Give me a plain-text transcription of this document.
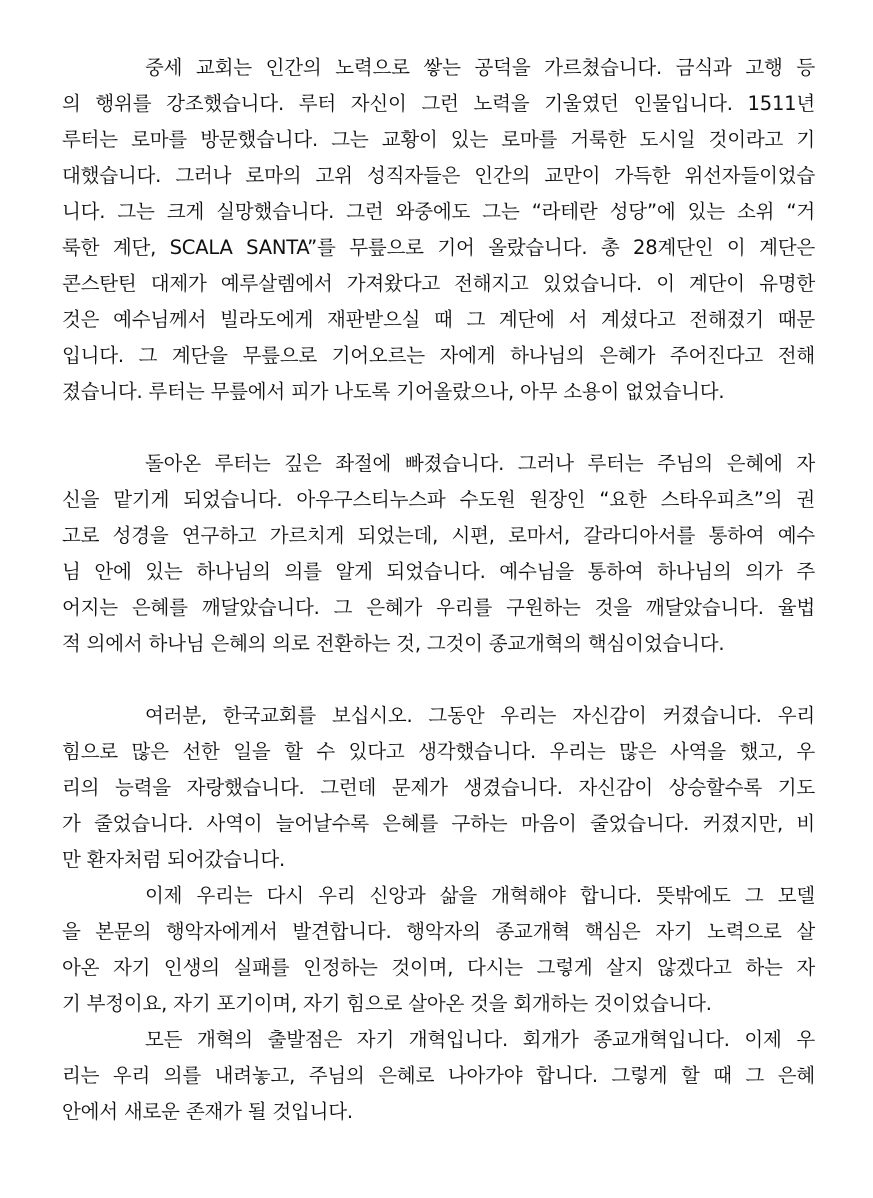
중세 교회는 인간의 노력으로 쌓는 공덕을 가르쳤습니다. 금식과 고행 등
의 행위를 강조했습니다. 루터 자신이 그런 노력을 기울였던 인물입니다. 1511년
루터는 로마를 방문했습니다. 그는 교황이 있는 로마를 거룩한 도시일 것이라고 기
대했습니다. 그러나 로마의 고위 성직자들은 인간의 교만이 가득한 위선자들이었습
니다. 그는 크게 실망했습니다. 그런 와중에도 그는 “라테란 성당”에 있는 소위 “거
룩한 계단, SCALA SANTA”를 무릎으로 기어 올랐습니다. 총 28계단인 이 계단은
콘스탄틴 대제가 예루살렘에서 가져왔다고 전해지고 있었습니다. 이 계단이 유명한
것은 예수님께서 빌라도에게 재판받으실 때 그 계단에 서 계셨다고 전해졌기 때문
입니다. 그 계단을 무릎으로 기어오르는 자에게 하나님의 은혜가 주어진다고 전해
졌습니다. 루터는 무릎에서 피가 나도록 기어올랐으나, 아무 소용이 없었습니다.
돌아온 루터는 깊은 좌절에 빠졌습니다. 그러나 루터는 주님의 은혜에 자
신을 맡기게 되었습니다. 아우구스티누스파 수도원 원장인 “요한 스타우피츠”의 권
고로 성경을 연구하고 가르치게 되었는데, 시편, 로마서, 갈라디아서를 통하여 예수
님 안에 있는 하나님의 의를 알게 되었습니다. 예수님을 통하여 하나님의 의가 주
어지는 은혜를 깨달았습니다. 그 은혜가 우리를 구원하는 것을 깨달았습니다. 율법
적 의에서 하나님 은혜의 의로 전환하는 것, 그것이 종교개혁의 핵심이었습니다.
여러분, 한국교회를 보십시오. 그동안 우리는 자신감이 커졌습니다. 우리
힘으로 많은 선한 일을 할 수 있다고 생각했습니다. 우리는 많은 사역을 했고, 우
리의 능력을 자랑했습니다. 그런데 문제가 생겼습니다. 자신감이 상승할수록 기도
가 줄었습니다. 사역이 늘어날수록 은혜를 구하는 마음이 줄었습니다. 커졌지만, 비
만 환자처럼 되어갔습니다.
이제 우리는 다시 우리 신앙과 삶을 개혁해야 합니다. 뜻밖에도 그 모델
을 본문의 행악자에게서 발견합니다. 행악자의 종교개혁 핵심은 자기 노력으로 살
아온 자기 인생의 실패를 인정하는 것이며, 다시는 그렇게 살지 않겠다고 하는 자
기 부정이요, 자기 포기이며, 자기 힘으로 살아온 것을 회개하는 것이었습니다.
모든 개혁의 출발점은 자기 개혁입니다. 회개가 종교개혁입니다. 이제 우
리는 우리 의를 내려놓고, 주님의 은혜로 나아가야 합니다. 그렇게 할 때 그 은혜
안에서 새로운 존재가 될 것입니다.
